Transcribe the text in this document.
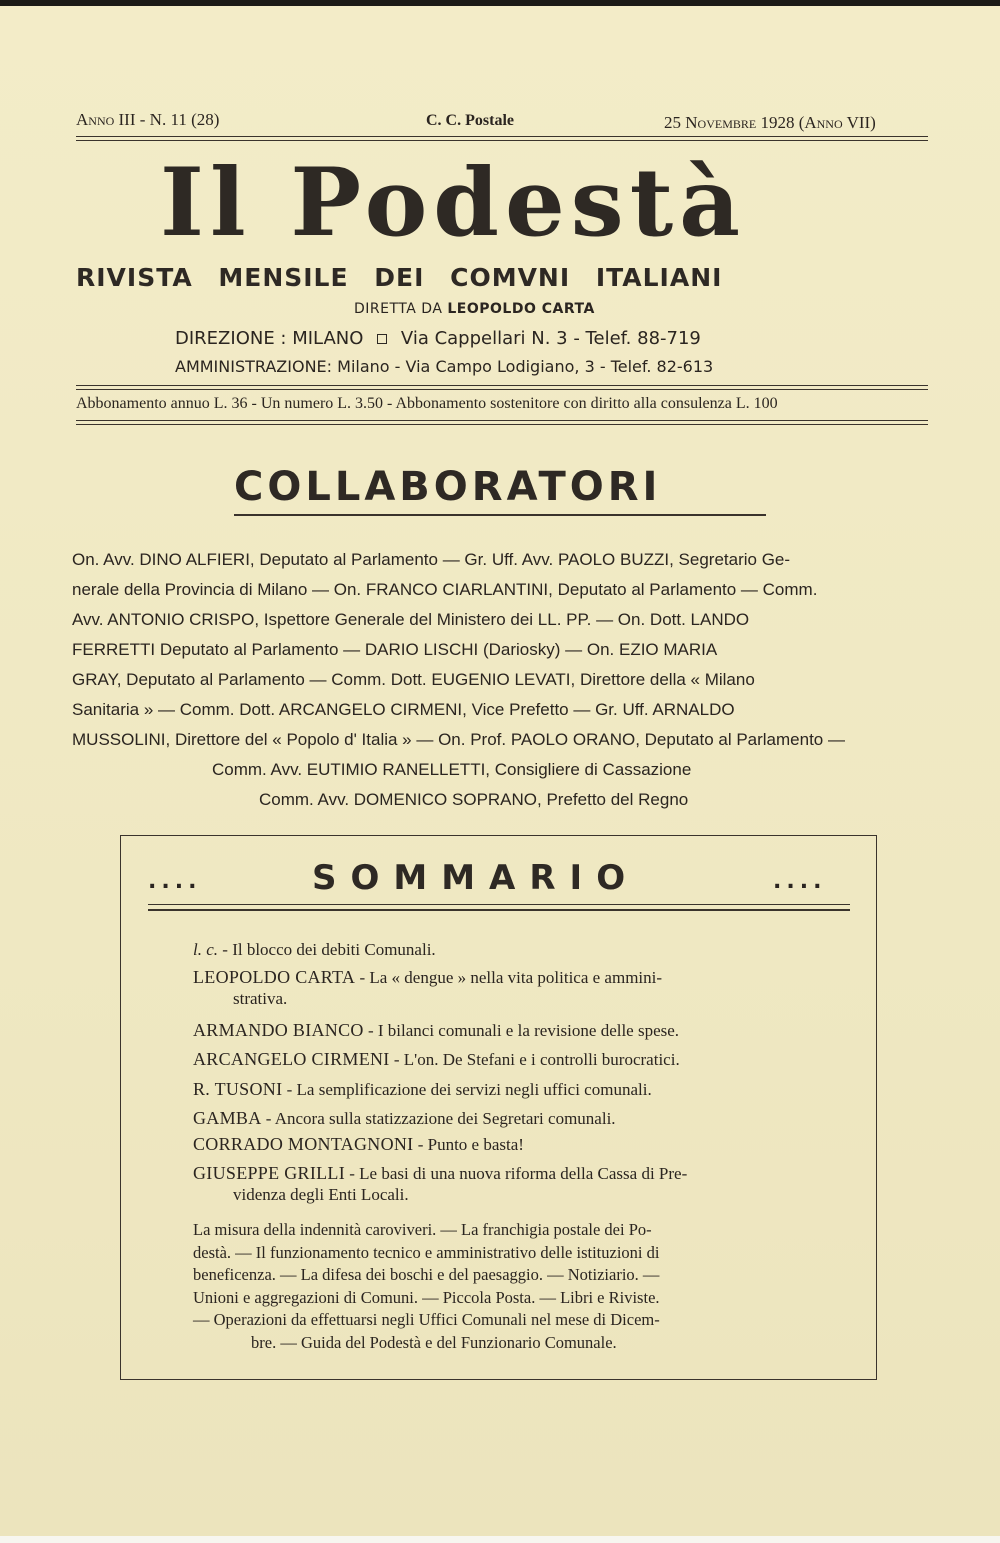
Anno III - N. 11 (28)	C. C. Postale	25 Novembre 1928 (Anno VII)
Il Podestà
RIVISTA MENSILE DEI COMVNI ITALIANI
DIRETTA DA LEOPOLDO CARTA
DIREZIONE : MILANO Via Cappellari N. 3 - Telef. 88-719
AMMINISTRAZIONE: Milano - Via Campo Lodigiano, 3 - Telef. 82-613
Abbonamento annuo L. 36 - Un numero L. 3.50 - Abbonamento sostenitore con diritto alla consulenza L. 100
COLLABORATORI
On. Avv. DINO ALFIERI, Deputato al Parlamento — Gr. Uff. Avv. PAOLO BUZZI, Segretario Ge-
nerale della Provincia di Milano — On. FRANCO CIARLANTINI, Deputato al Parlamento — Comm.
Avv. ANTONIO CRISPO, Ispettore Generale del Ministero dei LL. PP. — On. Dott. LANDO
FERRETTI Deputato al Parlamento — DARIO LISCHI (Dariosky) — On. EZIO MARIA
GRAY, Deputato al Parlamento — Comm. Dott. EUGENIO LEVATI, Direttore della « Milano
Sanitaria » — Comm. Dott. ARCANGELO CIRMENI, Vice Prefetto — Gr. Uff. ARNALDO
MUSSOLINI, Direttore del « Popolo d' Italia » — On. Prof. PAOLO ORANO, Deputato al Parlamento —
Comm. Avv. EUTIMIO RANELLETTI, Consigliere di Cassazione
Comm. Avv. DOMENICO SOPRANO, Prefetto del Regno
....	SOMMARIO	....
l. c. - Il blocco dei debiti Comunali.
LEOPOLDO CARTA - La « dengue » nella vita politica e ammini-
strativa.
ARMANDO BIANCO - I bilanci comunali e la revisione delle spese.
ARCANGELO CIRMENI - L'on. De Stefani e i controlli burocratici.
R. TUSONI - La semplificazione dei servizi negli uffici comunali.
GAMBA - Ancora sulla statizzazione dei Segretari comunali.
CORRADO MONTAGNONI - Punto e basta!
GIUSEPPE GRILLI - Le basi di una nuova riforma della Cassa di Pre-
videnza degli Enti Locali.
La misura della indennità caroviveri. — La franchigia postale dei Po-
destà. — Il funzionamento tecnico e amministrativo delle istituzioni di
beneficenza. — La difesa dei boschi e del paesaggio. — Notiziario. —
Unioni e aggregazioni di Comuni. — Piccola Posta. — Libri e Riviste.
— Operazioni da effettuarsi negli Uffici Comunali nel mese di Dicem-
bre. — Guida del Podestà e del Funzionario Comunale.
